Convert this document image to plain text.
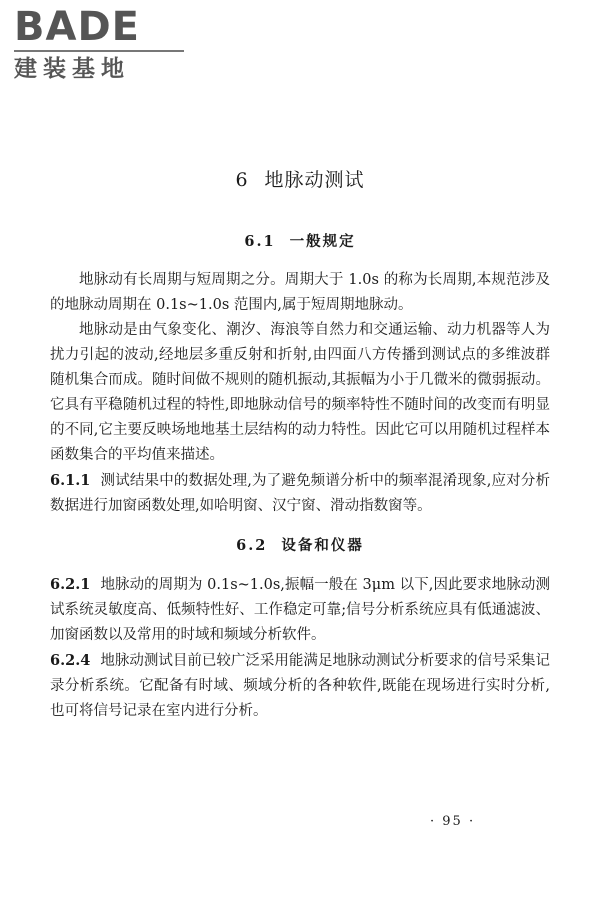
BADE
建装基地
6 地脉动测试
6.1 一般规定

地脉动有长周期与短周期之分。周期大于 1.0s 的称为长周期,本规范涉及的地脉动周期在 0.1s~1.0s 范围内,属于短周期地脉动。

地脉动是由气象变化、潮汐、海浪等自然力和交通运输、动力机器等人为扰力引起的波动,经地层多重反射和折射,由四面八方传播到测试点的多维波群随机集合而成。随时间做不规则的随机振动,其振幅为小于几微米的微弱振动。它具有平稳随机过程的特性,即地脉动信号的频率特性不随时间的改变而有明显的不同,它主要反映场地地基土层结构的动力特性。因此它可以用随机过程样本函数集合的平均值来描述。

6.1.1 测试结果中的数据处理,为了避免频谱分析中的频率混淆现象,应对分析数据进行加窗函数处理,如哈明窗、汉宁窗、滑动指数窗等。

6.2 设备和仪器

6.2.1 地脉动的周期为 0.1s~1.0s,振幅一般在 3μm 以下,因此要求地脉动测试系统灵敏度高、低频特性好、工作稳定可靠;信号分析系统应具有低通滤波、加窗函数以及常用的时域和频域分析软件。

6.2.4 地脉动测试目前已较广泛采用能满足地脉动测试分析要求的信号采集记录分析系统。它配备有时域、频域分析的各种软件,既能在现场进行实时分析,也可将信号记录在室内进行分析。

· 95 ·
